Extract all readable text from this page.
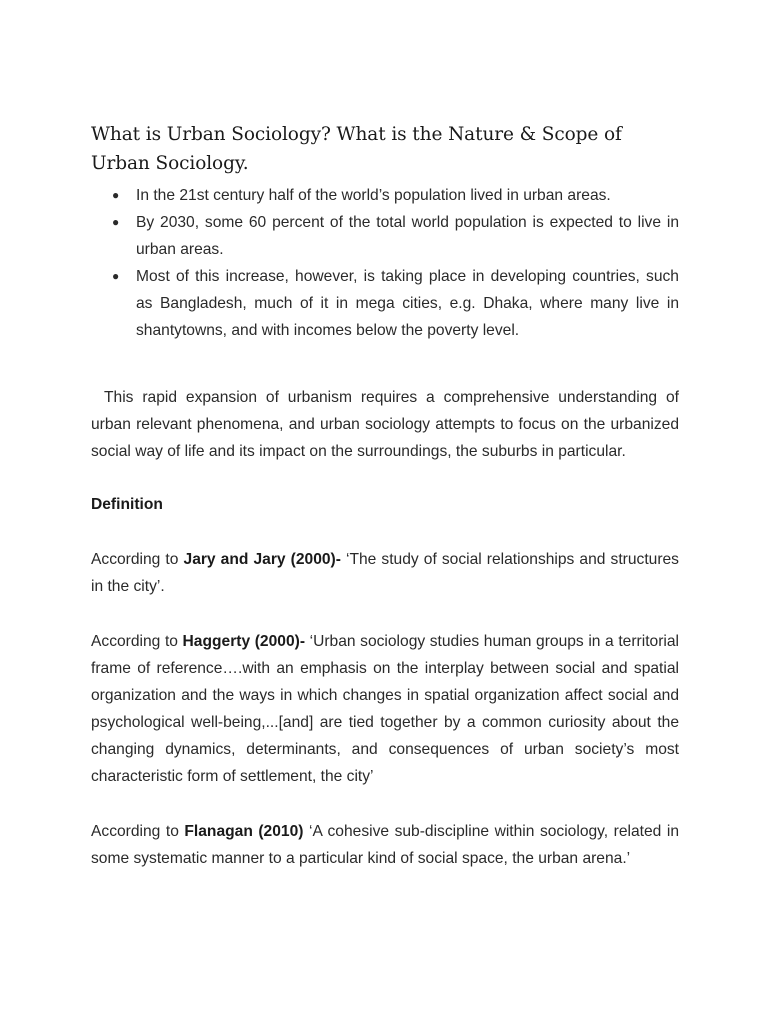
What is Urban Sociology? What is the Nature & Scope of Urban Sociology.
● In the 21st century half of the world’s population lived in urban areas.
● By 2030, some 60 percent of the total world population is expected to live in urban areas.
● Most of this increase, however, is taking place in developing countries, such as Bangladesh, much of it in mega cities, e.g. Dhaka, where many live in shantytowns, and with incomes below the poverty level.

This rapid expansion of urbanism requires a comprehensive understanding of urban relevant phenomena, and urban sociology attempts to focus on the urbanized social way of life and its impact on the surroundings, the suburbs in particular.

Definition

According to Jary and Jary (2000)- ‘The study of social relationships and structures in the city’.

According to Haggerty (2000)- ‘Urban sociology studies human groups in a territorial frame of reference….with an emphasis on the interplay between social and spatial organization and the ways in which changes in spatial organization affect social and psychological well-being,...[and] are tied together by a common curiosity about the changing dynamics, determinants, and consequences of urban society’s most characteristic form of settlement, the city’

According to Flanagan (2010) ‘A cohesive sub-discipline within sociology, related in some systematic manner to a particular kind of social space, the urban arena.’
